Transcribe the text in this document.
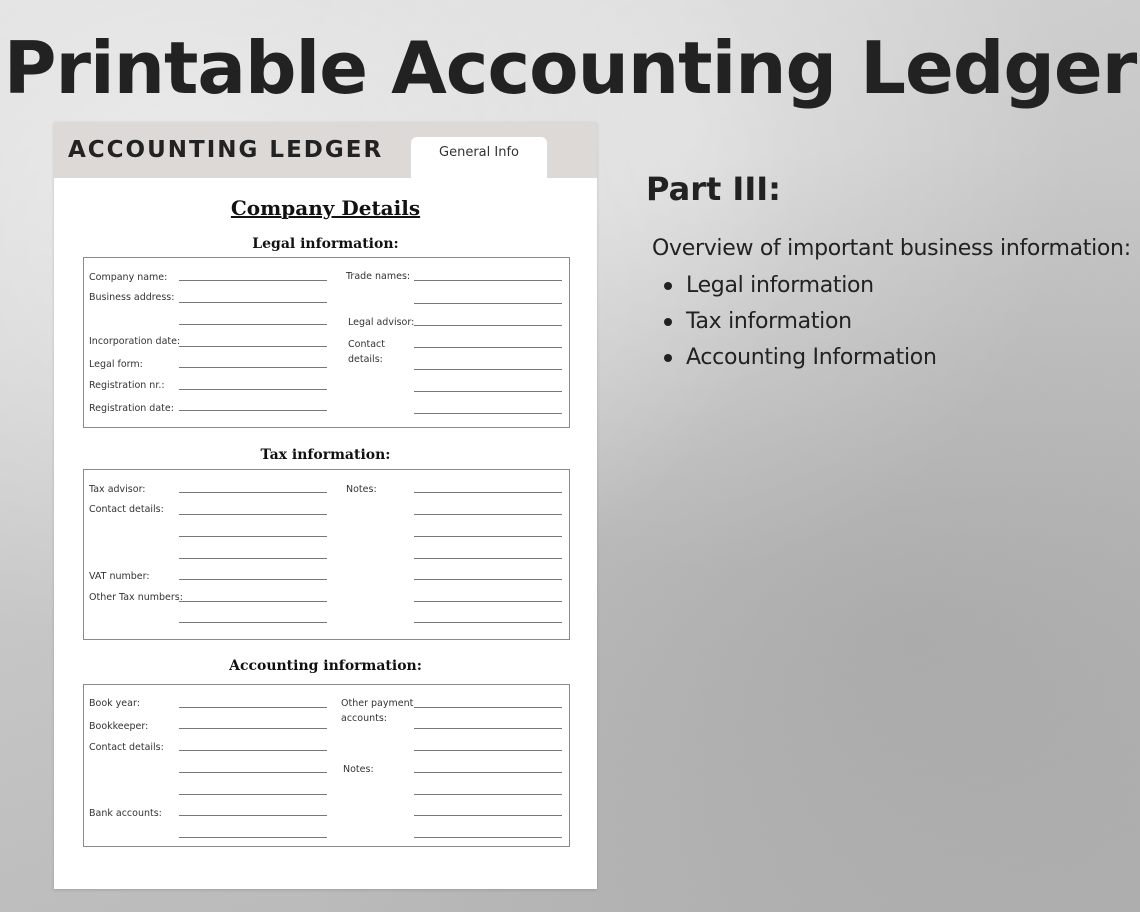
Printable Accounting Ledger
ACCOUNTING LEDGER	General Info
Company Details
Legal information:
Company name:
Business address:
Incorporation date:
Legal form:
Registration nr.:
Registration date:
Trade names:
Legal advisor:
Contact
details:
Tax information:
Tax advisor:
Contact details:
VAT number:
Other Tax numbers:
Notes:
Accounting information:
Book year:
Bookkeeper:
Contact details:
Bank accounts:
Other payment
accounts:
Notes:
Part III:
Overview of important business information:
Legal information
Tax information
Accounting Information
